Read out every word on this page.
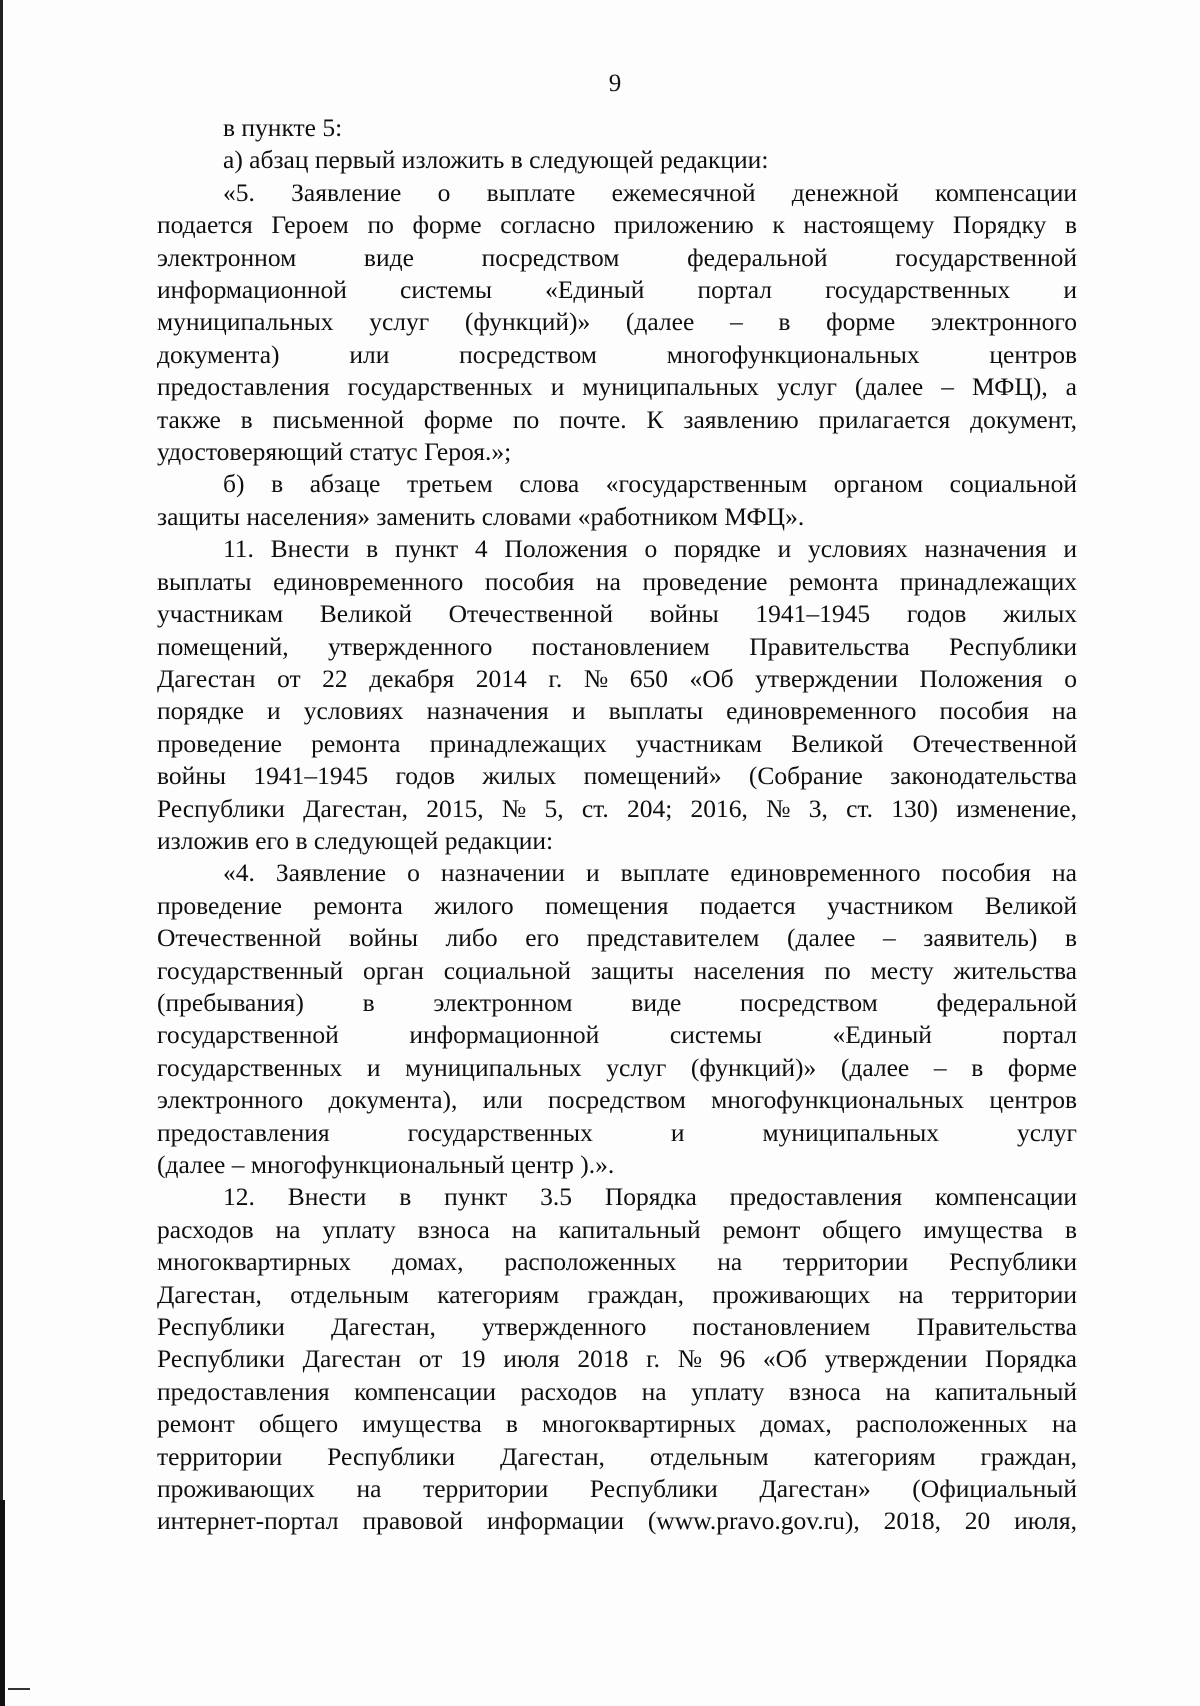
9
в пункте 5:
а) абзац первый изложить в следующей редакции:
«5. Заявление о выплате ежемесячной денежной компенсации
подается Героем по форме согласно приложению к настоящему Порядку в
электронном виде посредством федеральной государственной
информационной системы «Единый портал государственных и
муниципальных услуг (функций)» (далее – в форме электронного
документа) или посредством многофункциональных центров
предоставления государственных и муниципальных услуг (далее – МФЦ), а
также в письменной форме по почте. К заявлению прилагается документ,
удостоверяющий статус Героя.»;
б) в абзаце третьем слова «государственным органом социальной
защиты населения» заменить словами «работником МФЦ».
11. Внести в пункт 4 Положения о порядке и условиях назначения и
выплаты единовременного пособия на проведение ремонта принадлежащих
участникам Великой Отечественной войны 1941–1945 годов жилых
помещений, утвержденного постановлением Правительства Республики
Дагестан от 22 декабря 2014 г. № 650 «Об утверждении Положения о
порядке и условиях назначения и выплаты единовременного пособия на
проведение ремонта принадлежащих участникам Великой Отечественной
войны 1941–1945 годов жилых помещений» (Собрание законодательства
Республики Дагестан, 2015, № 5, ст. 204; 2016, № 3, ст. 130) изменение,
изложив его в следующей редакции:
«4. Заявление о назначении и выплате единовременного пособия на
проведение ремонта жилого помещения подается участником Великой
Отечественной войны либо его представителем (далее – заявитель) в
государственный орган социальной защиты населения по месту жительства
(пребывания) в электронном виде посредством федеральной
государственной информационной системы «Единый портал
государственных и муниципальных услуг (функций)» (далее – в форме
электронного документа), или посредством многофункциональных центров
предоставления государственных и муниципальных услуг
(далее – многофункциональный центр ).».
12. Внести в пункт 3.5 Порядка предоставления компенсации
расходов на уплату взноса на капитальный ремонт общего имущества в
многоквартирных домах, расположенных на территории Республики
Дагестан, отдельным категориям граждан, проживающих на территории
Республики Дагестан, утвержденного постановлением Правительства
Республики Дагестан от 19 июля 2018 г. № 96 «Об утверждении Порядка
предоставления компенсации расходов на уплату взноса на капитальный
ремонт общего имущества в многоквартирных домах, расположенных на
территории Республики Дагестан, отдельным категориям граждан,
проживающих на территории Республики Дагестан» (Официальный
интернет-портал правовой информации (www.pravo.gov.ru), 2018, 20 июля,
